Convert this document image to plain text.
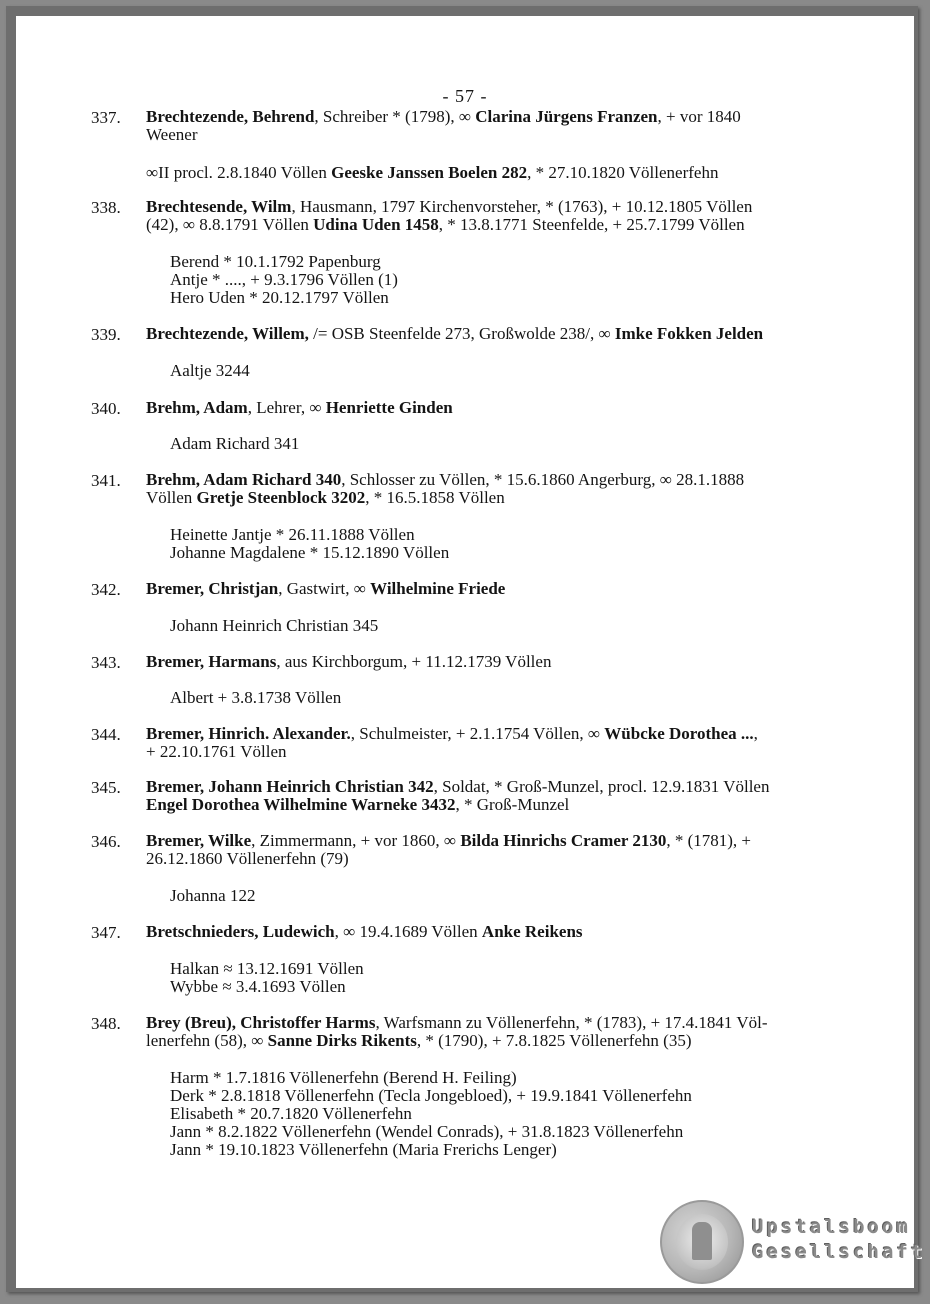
- 57 -
337. Brechtezende, Behrend, Schreiber * (1798), ∞ Clarina Jürgens Franzen, + vor 1840
Weener
∞II procl. 2.8.1840 Völlen Geeske Janssen Boelen 282, * 27.10.1820 Völlenerfehn
338. Brechtesende, Wilm, Hausmann, 1797 Kirchenvorsteher, * (1763), + 10.12.1805 Völlen
(42), ∞ 8.8.1791 Völlen Udina Uden 1458, * 13.8.1771 Steenfelde, + 25.7.1799 Völlen
Berend * 10.1.1792 Papenburg
Antje * ...., + 9.3.1796 Völlen (1)
Hero Uden * 20.12.1797 Völlen
339. Brechtezende, Willem, /= OSB Steenfelde 273, Großwolde 238/, ∞ Imke Fokken Jelden
Aaltje 3244
340. Brehm, Adam, Lehrer, ∞ Henriette Ginden
Adam Richard 341
341. Brehm, Adam Richard 340, Schlosser zu Völlen, * 15.6.1860 Angerburg, ∞ 28.1.1888
Völlen Gretje Steenblock 3202, * 16.5.1858 Völlen
Heinette Jantje * 26.11.1888 Völlen
Johanne Magdalene * 15.12.1890 Völlen
342. Bremer, Christjan, Gastwirt, ∞ Wilhelmine Friede
Johann Heinrich Christian 345
343. Bremer, Harmans, aus Kirchborgum, + 11.12.1739 Völlen
Albert + 3.8.1738 Völlen
344. Bremer, Hinrich. Alexander., Schulmeister, + 2.1.1754 Völlen, ∞ Wübcke Dorothea ...,
+ 22.10.1761 Völlen
345. Bremer, Johann Heinrich Christian 342, Soldat, * Groß-Munzel, procl. 12.9.1831 Völlen
Engel Dorothea Wilhelmine Warneke 3432, * Groß-Munzel
346. Bremer, Wilke, Zimmermann, + vor 1860, ∞ Bilda Hinrichs Cramer 2130, * (1781), +
26.12.1860 Völlenerfehn (79)
Johanna 122
347. Bretschnieders, Ludewich, ∞ 19.4.1689 Völlen Anke Reikens
Halkan ≈ 13.12.1691 Völlen
Wybbe ≈ 3.4.1693 Völlen
348. Brey (Breu), Christoffer Harms, Warfsmann zu Völlenerfehn, * (1783), + 17.4.1841 Völ-
lenerfehn (58), ∞ Sanne Dirks Rikents, * (1790), + 7.8.1825 Völlenerfehn (35)
Harm * 1.7.1816 Völlenerfehn (Berend H. Feiling)
Derk * 2.8.1818 Völlenerfehn (Tecla Jongebloed), + 19.9.1841 Völlenerfehn
Elisabeth * 20.7.1820 Völlenerfehn
Jann * 8.2.1822 Völlenerfehn (Wendel Conrads), + 31.8.1823 Völlenerfehn
Jann * 19.10.1823 Völlenerfehn (Maria Frerichs Lenger)
Upstalsboom
Gesellschaft
